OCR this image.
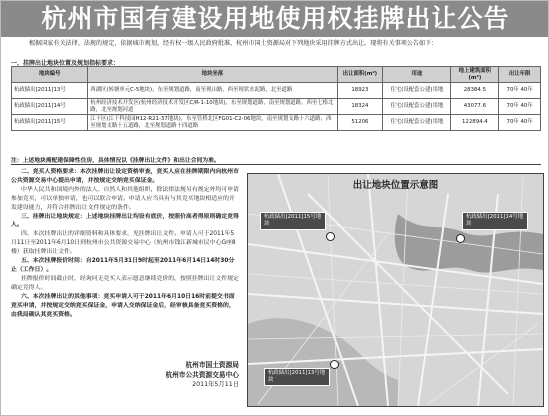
杭州市国有建设用地使用权挂牌出让公告
根据国家有关法律、法规的规定，依据城市规划，经有权一级人民政府批准，杭州市国土资源局对下列地块采用挂牌方式出让。现将有关事项公告如下：
一、挂牌出让地块位置及规划指标要求：
地块编号	地块坐落	出让面积(m²)	用途	地上建筑面积(m²)	出让年限
杭政储出[2011]13号	西湖区(转塘单元C-5地块)，东至规划道路，南至现山路，西至现状水泥路，北至道路	18923	住宅(设配套公建)用地	28384.5	70年 40年
杭政储出[2011]14号	杭州经济技术开发区(杭州经济技术开发区C/R-1-10地块)，东至规划道路，南至规划道路，西至七格北路，北至规划河道	18324	住宅(设配套公建)用地	43077.6	70年 40年
杭政储出[2011]15号	江干区(江干科技园H12-R21-37地块)，东至管桥北区FG01-C2-06地块，南至规划支路十六道路，西至规划支路十五道路，北至规划道路十四道路	51206	住宅(设配套公建)用地	122894.4	70年 40年
注：上述地块需配建保障性住房，具体情况以《挂牌出让文件》和出让合同为准。

二、竞买人资格要求：本次挂牌出让设定资格审查，竞买人应在挂牌期限内向杭州市公共资源交易中心提出申请，并按规定交纳竞买保证金。

中华人民共和国境内外的法人、自然人和其他组织，除法律法规另有规定外均可申请参加竞买，可以单独申请，也可以联合申请。申请人应当具有与其竞买地块相适应的开发建设能力，并符合挂牌出让文件规定的条件。

三、挂牌出让地块规定：上述地块挂牌出让均设有底价，按照价高者得原则确定竞得人。

四、本次挂牌出让的详细资料和具体要求，见挂牌出让文件。申请人可于2011年5月11日至2011年6月10日到杭州市公共资源交易中心（杭州市钱江新城市民中心G座8楼）获取挂牌出让文件。

五、本次挂牌报价时间：自2011年5月31日9时起至2011年6月14日14时30分止（工作日）。

挂牌报价时间截止时，经询问无竞买人表示愿意继续竞价的，按照挂牌出让文件规定确定竞得人。

六、本次挂牌出让的其他事项：竞买申请人可于2011年6月10日16时前提交书面竞买申请，并按规定交纳竞买保证金，申请人交纳保证金后，经审核具备竞买资格的，由我局确认其竞买资格。

杭州市国土资源局
杭州市公共资源交易中心
2011年5月11日
出让地块位置示意图
杭政储出[2011]15号地块
杭政储出[2011]14号地块
杭政储出[2011]13号地块
